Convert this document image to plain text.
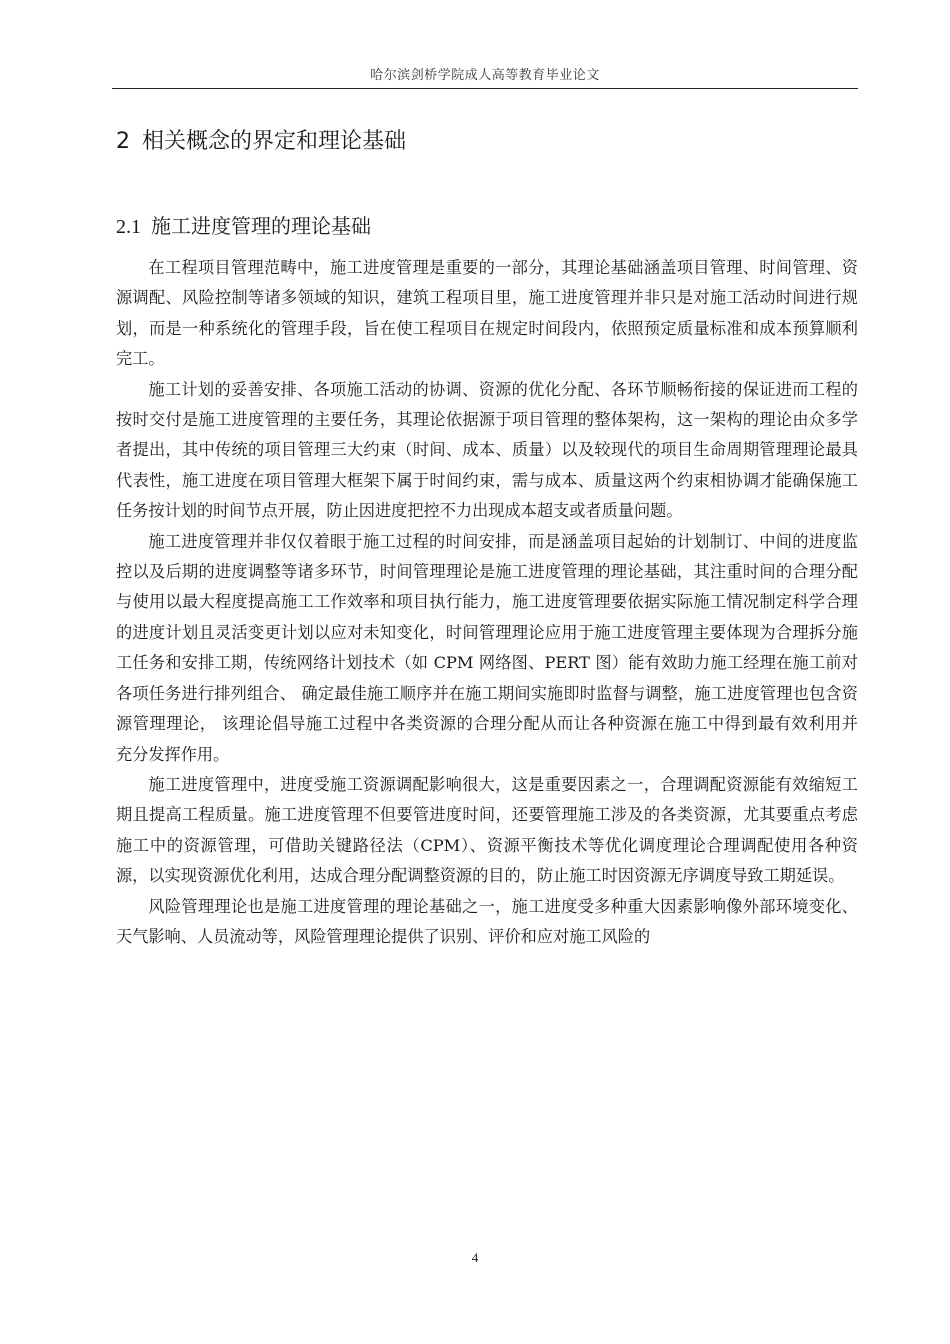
哈尔滨剑桥学院成人高等教育毕业论文
2 相关概念的界定和理论基础
2.1 施工进度管理的理论基础

在工程项目管理范畴中，施工进度管理是重要的一部分，其理论基础涵盖项目管理、时间管理、资源调配、风险控制等诸多领域的知识，建筑工程项目里，施工进度管理并非只是对施工活动时间进行规划，而是一种系统化的管理手段，旨在使工程项目在规定时间段内，依照预定质量标准和成本预算顺利完工。

施工计划的妥善安排、各项施工活动的协调、资源的优化分配、各环节顺畅衔接的保证进而工程的按时交付是施工进度管理的主要任务，其理论依据源于项目管理的整体架构，这一架构的理论由众多学者提出，其中传统的项目管理三大约束（时间、成本、质量）以及较现代的项目生命周期管理理论最具代表性，施工进度在项目管理大框架下属于时间约束，需与成本、质量这两个约束相协调才能确保施工任务按计划的时间节点开展，防止因进度把控不力出现成本超支或者质量问题。

施工进度管理并非仅仅着眼于施工过程的时间安排，而是涵盖项目起始的计划制订、中间的进度监控以及后期的进度调整等诸多环节，时间管理理论是施工进度管理的理论基础，其注重时间的合理分配与使用以最大程度提高施工工作效率和项目执行能力，施工进度管理要依据实际施工情况制定科学合理的进度计划且灵活变更计划以应对未知变化，时间管理理论应用于施工进度管理主要体现为合理拆分施工任务和安排工期，传统网络计划技术（如 CPM 网络图、PERT 图）能有效助力施工经理在施工前对各项任务进行排列组合、 确定最佳施工顺序并在施工期间实施即时监督与调整，施工进度管理也包含资源管理理论， 该理论倡导施工过程中各类资源的合理分配从而让各种资源在施工中得到最有效利用并　充分发挥作用。

施工进度管理中，进度受施工资源调配影响很大，这是重要因素之一，合理调配资源能有效缩短工期且提高工程质量。施工进度管理不但要管进度时间，还要管理施工涉及的各类资源，尤其要重点考虑施工中的资源管理，可借助关键路径法（CPM）、资源平衡技术等优化调度理论合理调配使用各种资源，以实现资源优化利用，达成合理分配调整资源的目的，防止施工时因资源无序调度导致工期延误。

风险管理理论也是施工进度管理的理论基础之一，施工进度受多种重大因素影响像外部环境变化、天气影响、人员流动等，风险管理理论提供了识别、评价和应对施工风险的

4
